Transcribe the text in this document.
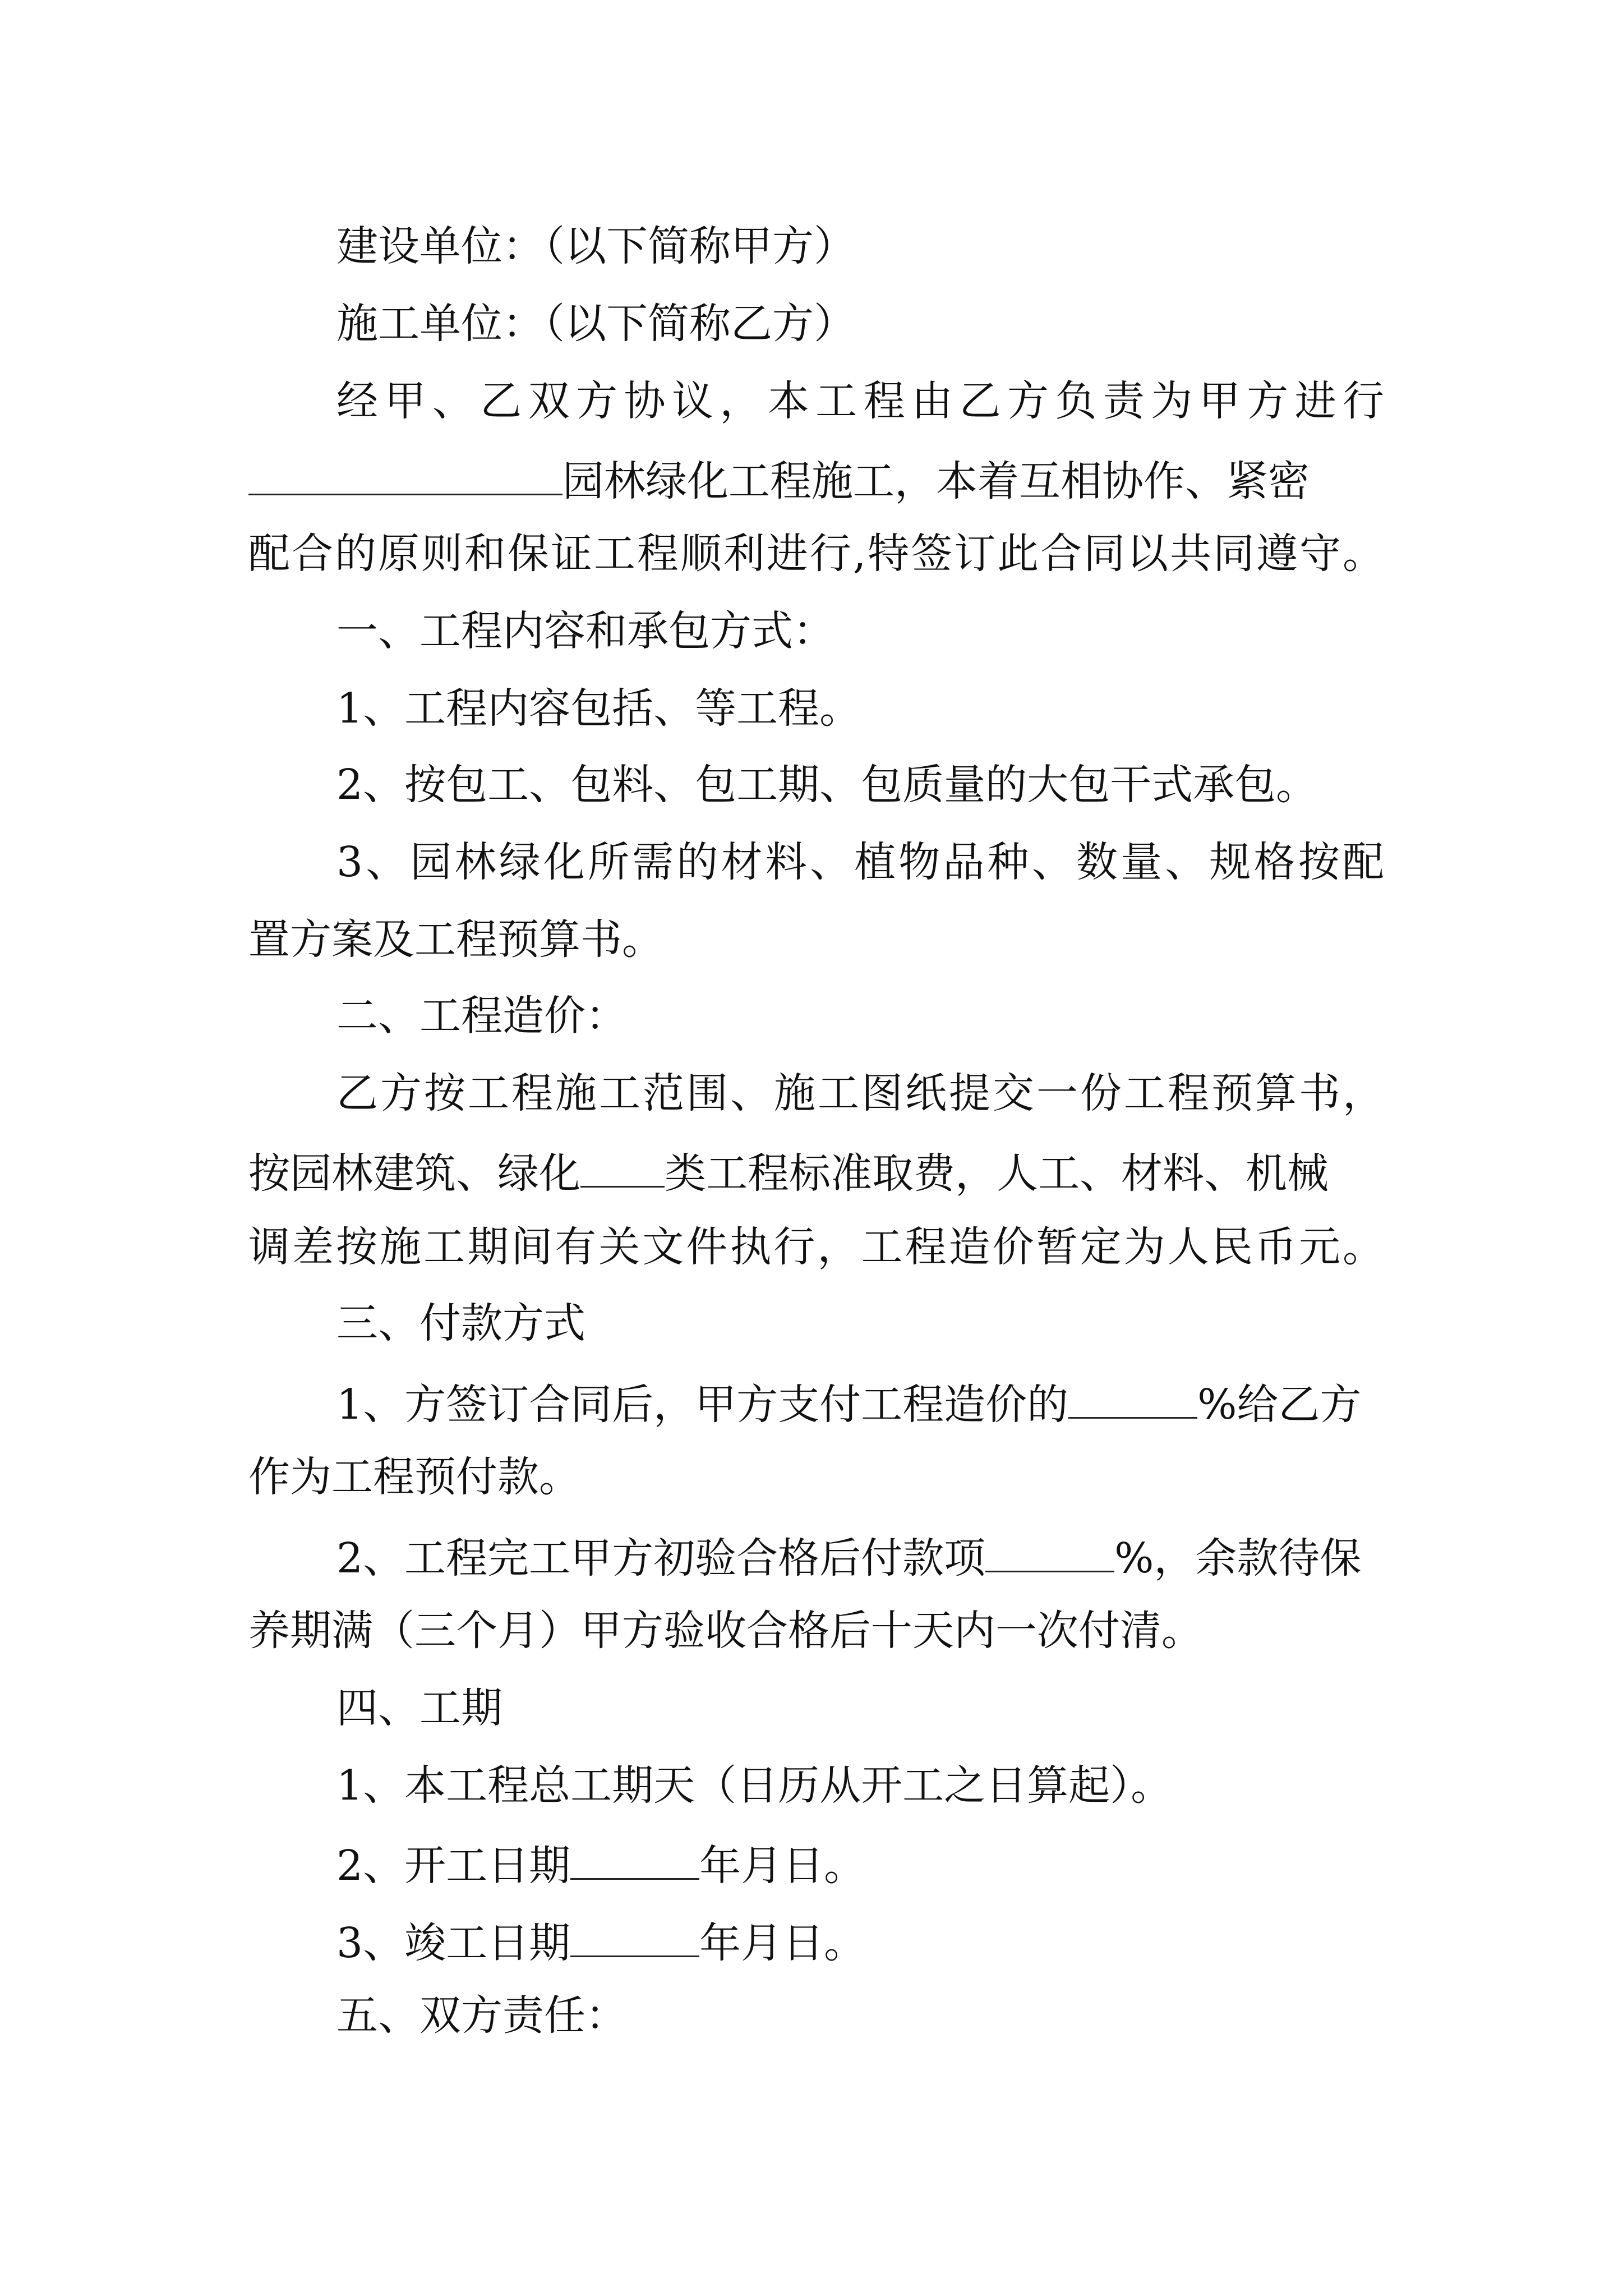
建设单位：（以下简称甲方）
施工单位：（以下简称乙方）
经甲、乙双方协议，本工程由乙方负责为甲方进行
园林绿化工程施工，本着互相协作、紧密
配合的原则和保证工程顺利进行,特签订此合同以共同遵守。
一、工程内容和承包方式：
1、工程内容包括、等工程。
2、按包工、包料、包工期、包质量的大包干式承包。
3、园林绿化所需的材料、植物品种、数量、规格按配
置方案及工程预算书。
二、工程造价：
乙方按工程施工范围、施工图纸提交一份工程预算书，
按园林建筑、绿化 类工程标准取费，人工、材料、机械
调差按施工期间有关文件执行，工程造价暂定为人民币元。
三、付款方式
1、方签订合同后，甲方支付工程造价的	%给乙方
作为工程预付款。
2、工程完工甲方初验合格后付款项	%，余款待保
养期满（三个月）甲方验收合格后十天内一次付清。
四、工期
1、本工程总工期天（日历从开工之日算起）。
2、开工日期	年月日。
3、竣工日期	年月日。
五、双方责任：
